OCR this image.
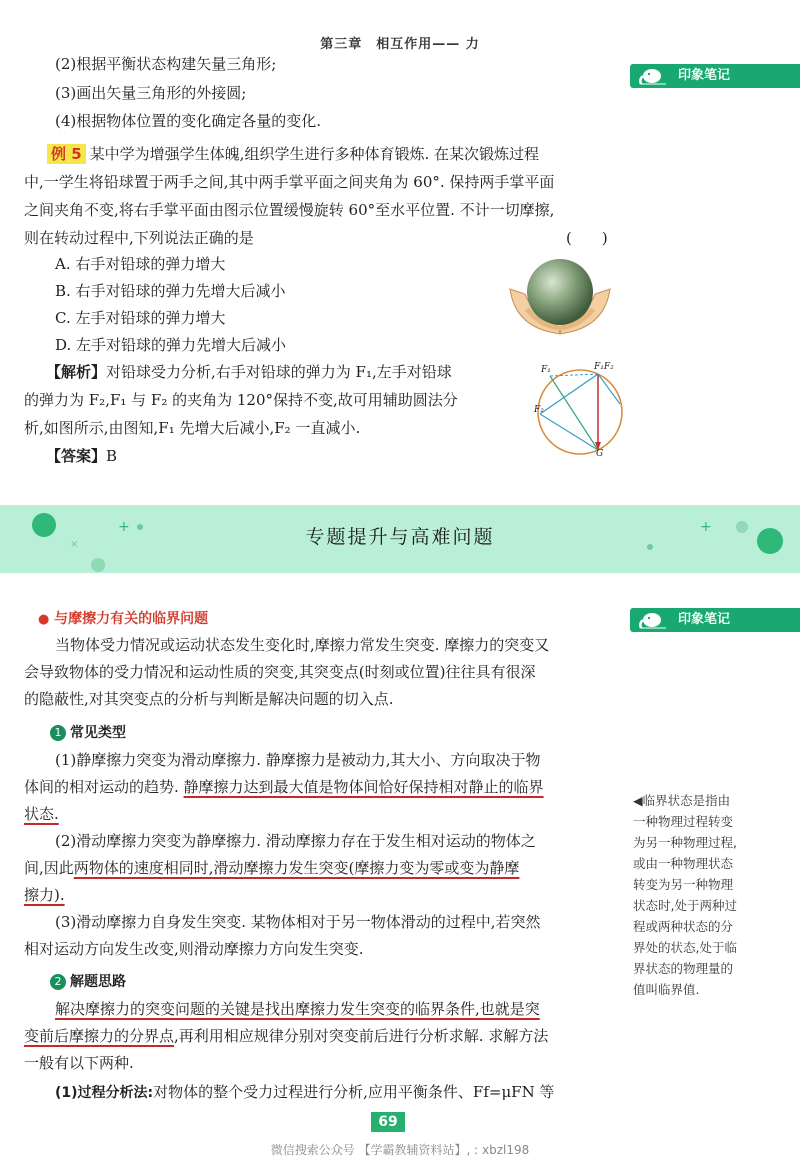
第三章　相互作用—— 力
印象笔记
(2)根据平衡状态构建矢量三角形;
(3)画出矢量三角形的外接圆;
(4)根据物体位置的变化确定各量的变化.
例 5 某中学为增强学生体魄,组织学生进行多种体育锻炼. 在某次锻炼过程
中,一学生将铅球置于两手之间,其中两手掌平面之间夹角为 60°. 保持两手掌平面
之间夹角不变,将右手掌平面由图示位置缓慢旋转 60°至水平位置. 不计一切摩擦,
则在转动过程中,下列说法正确的是	(　　)
A. 右手对铅球的弹力增大
B. 右手对铅球的弹力先增大后减小
C. 左手对铅球的弹力增大
D. 左手对铅球的弹力先增大后减小
【解析】对铅球受力分析,右手对铅球的弹力为 F₁,左手对铅球
的弹力为 F₂,F₁ 与 F₂ 的夹角为 120°保持不变,故可用辅助圆法分
析,如图所示,由图知,F₁ 先增大后减小,F₂ 一直减小.
【答案】B
F₁	F₁F₂
F₂
G
+
×
+
专题提升与高难问题
印象笔记
● 与摩擦力有关的临界问题
当物体受力情况或运动状态发生变化时,摩擦力常发生突变. 摩擦力的突变又
会导致物体的受力情况和运动性质的突变,其突变点(时刻或位置)往往具有很深
的隐蔽性,对其突变点的分析与判断是解决问题的切入点.
1 常见类型
(1)静摩擦力突变为滑动摩擦力. 静摩擦力是被动力,其大小、方向取决于物
体间的相对运动的趋势. 静摩擦力达到最大值是物体间恰好保持相对静止的临界
状态.
(2)滑动摩擦力突变为静摩擦力. 滑动摩擦力存在于发生相对运动的物体之
间,因此两物体的速度相同时,滑动摩擦力发生突变(摩擦力变为零或变为静摩
擦力).
(3)滑动摩擦力自身发生突变. 某物体相对于另一物体滑动的过程中,若突然
相对运动方向发生改变,则滑动摩擦力方向发生突变.
2 解题思路
解决摩擦力的突变问题的关键是找出摩擦力发生突变的临界条件,也就是突
变前后摩擦力的分界点,再利用相应规律分别对突变前后进行分析求解. 求解方法
一般有以下两种.
(1)过程分析法:对物体的整个受力过程进行分析,应用平衡条件、Ff=μFN 等
◀临界状态是指由
一种物理过程转变
为另一种物理过程,
或由一种物理状态
转变为另一种物理
状态时,处于两种过
程或两种状态的分
界处的状态,处于临
界状态的物理量的
值叫临界值.
69
微信搜索公众号 【学霸教辅资料站】, : xbzl198
